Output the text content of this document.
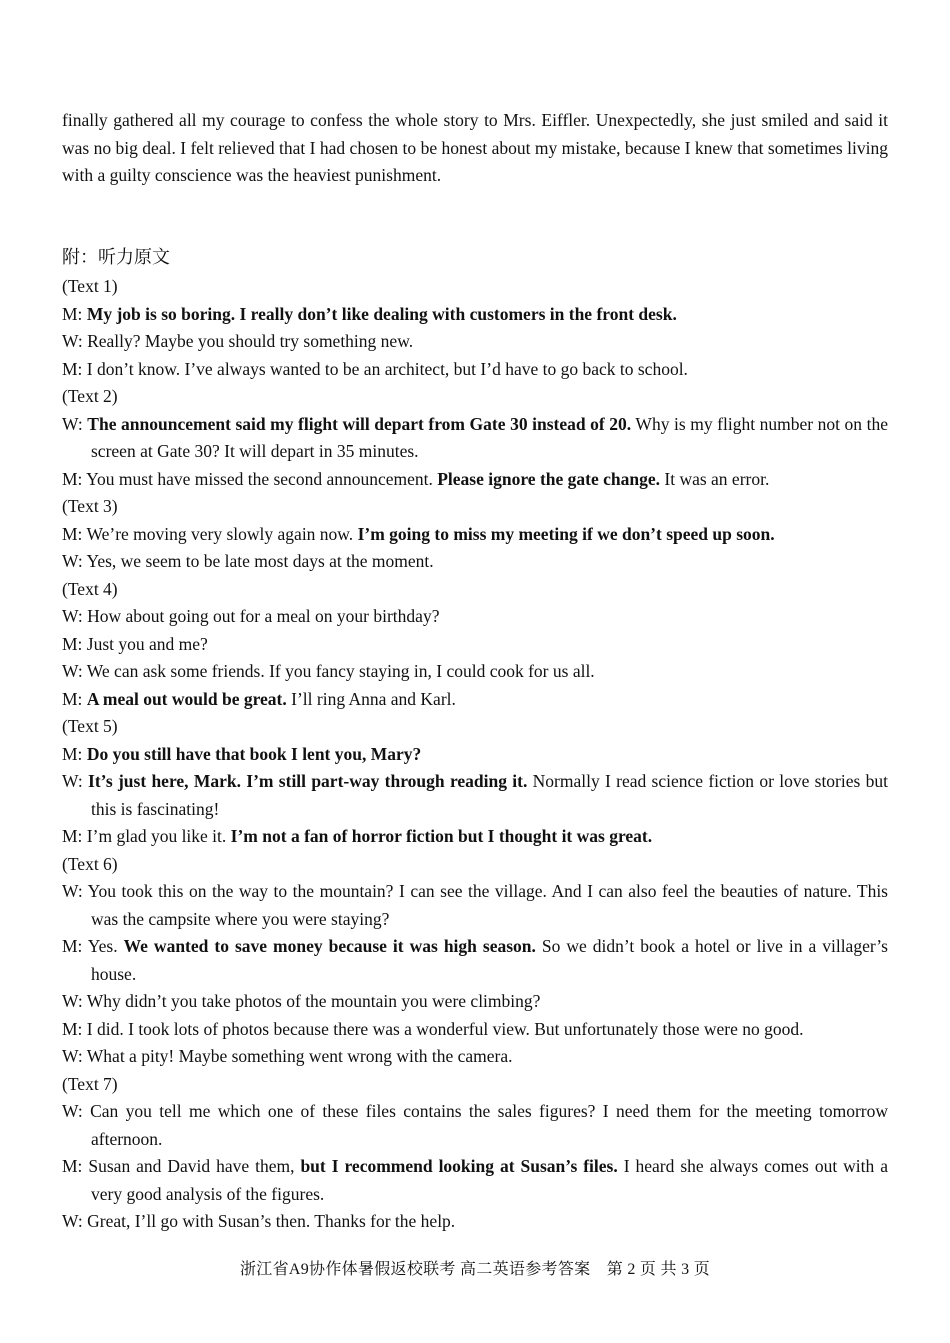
finally gathered all my courage to confess the whole story to Mrs. Eiffler. Unexpectedly, she just smiled and said it was no big deal. I felt relieved that I had chosen to be honest about my mistake, because I knew that sometimes living with a guilty conscience was the heaviest punishment.

附：听力原文

(Text 1)

M: My job is so boring. I really don’t like dealing with customers in the front desk.

W: Really? Maybe you should try something new.

M: I don’t know. I’ve always wanted to be an architect, but I’d have to go back to school.

(Text 2)

W: The announcement said my flight will depart from Gate 30 instead of 20. Why is my flight number not on the screen at Gate 30? It will depart in 35 minutes.

M: You must have missed the second announcement. Please ignore the gate change. It was an error.

(Text 3)

M: We’re moving very slowly again now. I’m going to miss my meeting if we don’t speed up soon.

W: Yes, we seem to be late most days at the moment.

(Text 4)

W: How about going out for a meal on your birthday?

M: Just you and me?

W: We can ask some friends. If you fancy staying in, I could cook for us all.

M: A meal out would be great. I’ll ring Anna and Karl.

(Text 5)

M: Do you still have that book I lent you, Mary?

W: It’s just here, Mark. I’m still part-way through reading it. Normally I read science fiction or love stories but this is fascinating!

M: I’m glad you like it. I’m not a fan of horror fiction but I thought it was great.

(Text 6)

W: You took this on the way to the mountain? I can see the village. And I can also feel the beauties of nature. This was the campsite where you were staying?

M: Yes. We wanted to save money because it was high season. So we didn’t book a hotel or live in a villager’s house.

W: Why didn’t you take photos of the mountain you were climbing?

M: I did. I took lots of photos because there was a wonderful view. But unfortunately those were no good.

W: What a pity! Maybe something went wrong with the camera.

(Text 7)

W: Can you tell me which one of these files contains the sales figures? I need them for the meeting tomorrow afternoon.

M: Susan and David have them, but I recommend looking at Susan’s files. I heard she always comes out with a very good analysis of the figures.

W: Great, I’ll go with Susan’s then. Thanks for the help.

浙江省A9协作体暑假返校联考 高二英语参考答案　第 2 页 共 3 页
